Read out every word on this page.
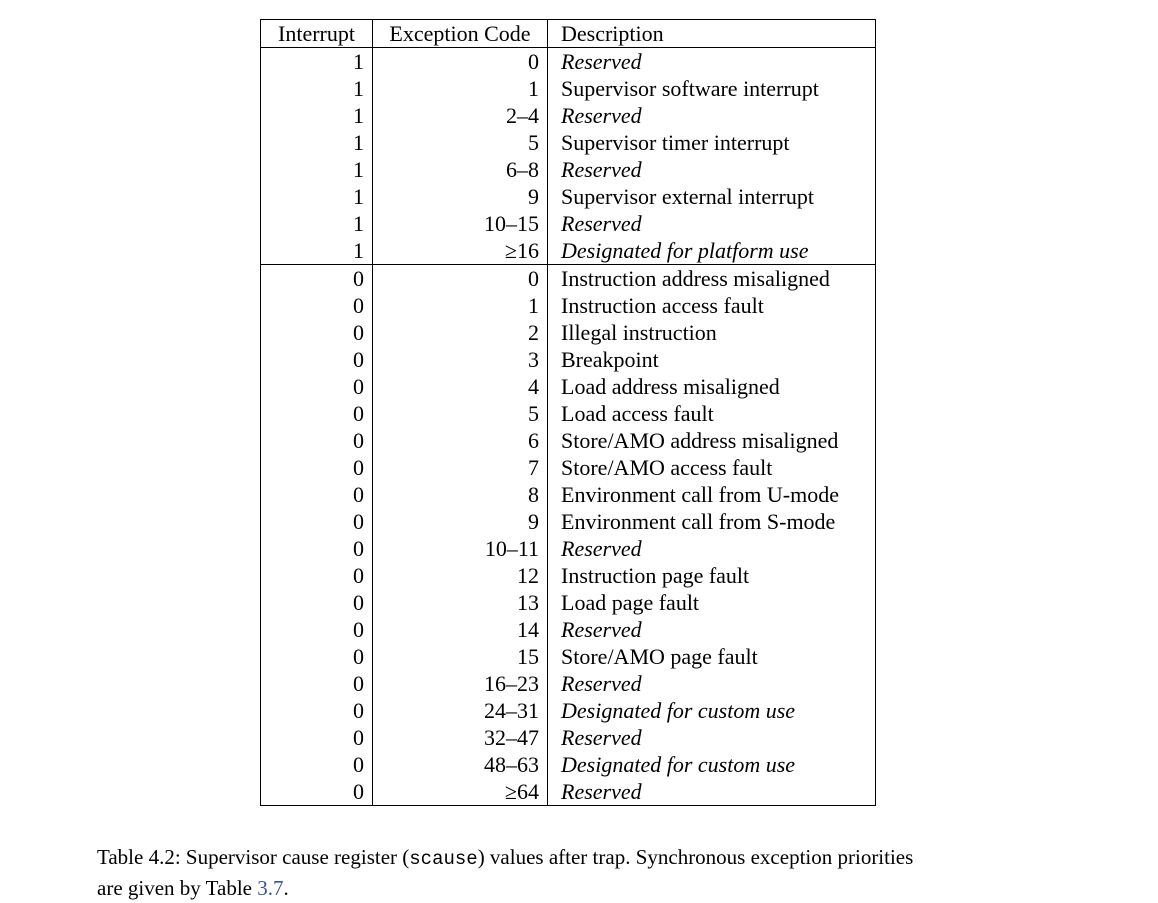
Interrupt	Exception Code	Description
1	0	Reserved
1	1	Supervisor software interrupt
1	2–4	Reserved
1	5	Supervisor timer interrupt
1	6–8	Reserved
1	9	Supervisor external interrupt
1	10–15	Reserved
1	≥16	Designated for platform use
0	0	Instruction address misaligned
0	1	Instruction access fault
0	2	Illegal instruction
0	3	Breakpoint
0	4	Load address misaligned
0	5	Load access fault
0	6	Store/AMO address misaligned
0	7	Store/AMO access fault
0	8	Environment call from U-mode
0	9	Environment call from S-mode
0	10–11	Reserved
0	12	Instruction page fault
0	13	Load page fault
0	14	Reserved
0	15	Store/AMO page fault
0	16–23	Reserved
0	24–31	Designated for custom use
0	32–47	Reserved
0	48–63	Designated for custom use
0	≥64	Reserved

Table 4.2: Supervisor cause register (scause) values after trap. Synchronous exception priorities
are given by Table 3.7.
